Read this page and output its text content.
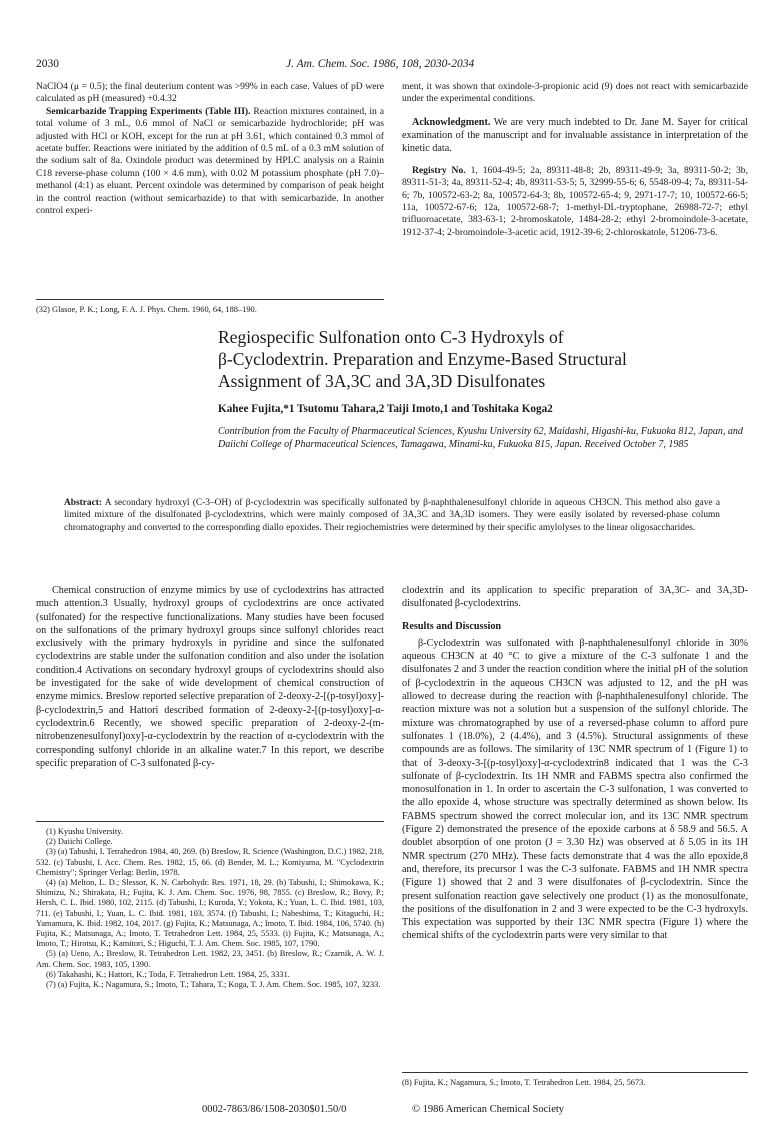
2030	J. Am. Chem. Soc. 1986, 108, 2030-2034

NaClO4 (μ = 0.5); the final deuterium content was >99% in each case. Values of pD were calculated as pH (measured) +0.4.32

Semicarbazide Trapping Experiments (Table III). Reaction mixtures contained, in a total volume of 3 mL, 0.6 mmol of NaCl or semicarbazide hydrochloride; pH was adjusted with HCl or KOH, except for the run at pH 3.61, which contained 0.3 mmol of acetate buffer. Reactions were initiated by the addition of 0.5 mL of a 0.3 mM solution of the sodium salt of 8a. Oxindole product was determined by HPLC analysis on a Rainin C18 reverse-phase column (100 × 4.6 mm), with 0.02 M potassium phosphate (pH 7.0)–methanol (4:1) as eluant. Percent oxindole was determined by comparison of peak height in the control reaction (without semicarbazide) to that with semicarbazide. In another control experi-

(32) Glasoe, P. K.; Long, F. A. J. Phys. Chem. 1960, 64, 188–190.

ment, it was shown that oxindole-3-propionic acid (9) does not react with semicarbazide under the experimental conditions.

Acknowledgment. We are very much indebted to Dr. Jane M. Sayer for critical examination of the manuscript and for invaluable assistance in interpretation of the kinetic data.

Registry No. 1, 1604-49-5; 2a, 89311-48-8; 2b, 89311-49-9; 3a, 89311-50-2; 3b, 89311-51-3; 4a, 89311-52-4; 4b, 89311-53-5; 5, 32999-55-6; 6, 5548-09-4; 7a, 89311-54-6; 7b, 100572-63-2; 8a, 100572-64-3; 8b, 100572-65-4; 9, 2971-17-7; 10, 100572-66-5; 11a, 100572-67-6; 12a, 100572-68-7; 1-methyl-DL-tryptophane, 26988-72-7; ethyl trifluoroacetate, 383-63-1; 2-bromoskatole, 1484-28-2; ethyl 2-bromoindole-3-acetate, 1912-37-4; 2-bromoindole-3-acetic acid, 1912-39-6; 2-chloroskatole, 51206-73-6.

Regiospecific Sulfonation onto C-3 Hydroxyls of
β-Cyclodextrin. Preparation and Enzyme-Based Structural
Assignment of 3A,3C and 3A,3D Disulfonates
Kahee Fujita,*1 Tsutomu Tahara,2 Taiji Imoto,1 and Toshitaka Koga2
Contribution from the Faculty of Pharmaceutical Sciences, Kyushu University 62, Maidashi, Higashi-ku, Fukuoka 812, Japan, and Daiichi College of Pharmaceutical Sciences, Tamagawa, Minami-ku, Fukuoka 815, Japan. Received October 7, 1985
Abstract: A secondary hydroxyl (C-3–OH) of β-cyclodextrin was specifically sulfonated by β-naphthalenesulfonyl chloride in aqueous CH3CN. This method also gave a limited mixture of the disulfonated β-cyclodextrins, which were mainly composed of 3A,3C and 3A,3D isomers. They were easily isolated by reversed-phase column chromatography and converted to the corresponding diallo epoxides. Their regiochemistries were determined by their specific amylolyses to the linear oligosaccharides.

Chemical construction of enzyme mimics by use of cyclodextrins has attracted much attention.3 Usually, hydroxyl groups of cyclodextrins are once activated (sulfonated) for the respective functionalizations. Many studies have been focused on the sulfonations of the primary hydroxyl groups since sulfonyl chlorides react exclusively with the primary hydroxyls in pyridine and since the sulfonated cyclodextrins are stable under the sulfonation condition and also under the isolation condition.4 Activations on secondary hydroxyl groups of cyclodextrins should also be investigated for the sake of wide development of chemical construction of enzyme mimics. Breslow reported selective preparation of 2-deoxy-2-[(p-tosyl)oxy]-β-cyclodextrin,5 and Hattori described formation of 2-deoxy-2-[(p-tosyl)oxy]-α-cyclodextrin.6 Recently, we showed specific preparation of 2-deoxy-2-(m-nitrobenzenesulfonyl)oxy]-α-cyclodextrin by the reaction of α-cyclodextrin with the corresponding sulfonyl chloride in an alkaline water.7 In this report, we describe specific preparation of C-3 sulfonated β-cy-

(1) Kyushu University.

(2) Daiichi College.

(3) (a) Tabushi, I. Tetrahedron 1984, 40, 269. (b) Breslow, R. Science (Washington, D.C.) 1982, 218, 532. (c) Tabushi, I. Acc. Chem. Res. 1982, 15, 66. (d) Bender, M. L.; Komiyama, M. "Cyclodextrin Chemistry"; Springer Verlag: Berlin, 1978.

(4) (a) Melton, L. D.; Slessor, K. N. Carbohydr. Res. 1971, 18, 29. (b) Tabushi, I.; Shimokawa, K.; Shimizu, N.; Shirakata, H.; Fujita, K. J. Am. Chem. Soc. 1976, 98, 7855. (c) Breslow, R.; Bovy, P.; Hersh, C. L. Ibid. 1980, 102, 2115. (d) Tabushi, I.; Kuroda, Y.; Yokota, K.; Yuan, L. C. Ibid. 1981, 103, 711. (e) Tabushi, I.; Yuan, L. C. Ibid. 1981, 103, 3574. (f) Tabushi, I.; Nabeshima, T.; Kitaguchi, H.; Yamamura, K. Ibid. 1982, 104, 2017. (g) Fujita, K.; Matsunaga, A.; Imoto, T. Ibid. 1984, 106, 5740. (h) Fujita, K.; Matsunaga, A.; Imoto, T. Tetrahedron Lett. 1984, 25, 5533. (i) Fujita, K.; Matsunaga, A.; Imoto, T.; Hirotsu, K.; Kamitori, S.; Higuchi, T. J. Am. Chem. Soc. 1985, 107, 1790.

(5) (a) Ueno, A.; Breslow, R. Tetrahedron Lett. 1982, 23, 3451. (b) Breslow, R.; Czarnik, A. W. J. Am. Chem. Soc. 1983, 105, 1390.

(6) Takahashi, K.; Hattori, K.; Toda, F. Tetrahedron Lett. 1984, 25, 3331.

(7) (a) Fujita, K.; Nagamura, S.; Imoto, T.; Tahara, T.; Koga, T. J. Am. Chem. Soc. 1985, 107, 3233.

clodextrin and its application to specific preparation of 3A,3C- and 3A,3D-disulfonated β-cyclodextrins.

Results and Discussion

β-Cyclodextrin was sulfonated with β-naphthalenesulfonyl chloride in 30% aqueous CH3CN at 40 °C to give a mixture of the C-3 sulfonate 1 and the disulfonates 2 and 3 under the reaction condition where the initial pH of the solution of β-cyclodextrin in the aqueous CH3CN was adjusted to 12, and the pH was allowed to decrease during the reaction with β-naphthalenesulfonyl chloride. The reaction mixture was not a solution but a suspension of the sulfonyl chloride. The mixture was chromatographed by use of a reversed-phase column to afford pure sulfonates 1 (18.0%), 2 (4.4%), and 3 (4.5%). Structural assignments of these compounds are as follows. The similarity of 13C NMR spectrum of 1 (Figure 1) to that of 3-deoxy-3-[(p-tosyl)oxy]-α-cyclodextrin8 indicated that 1 was the C-3 sulfonate of β-cyclodextrin. Its 1H NMR and FABMS spectra also confirmed the monosulfonation in 1. In order to ascertain the C-3 sulfonation, 1 was converted to the allo epoxide 4, whose structure was spectrally determined as shown below. Its FABMS spectrum showed the correct molecular ion, and its 13C NMR spectrum (Figure 2) demonstrated the presence of the epoxide carbons at δ 58.9 and 56.5. A doublet absorption of one proton (J = 3.30 Hz) was observed at δ 5.05 in its 1H NMR spectrum (270 MHz). These facts demonstrate that 4 was the allo epoxide,8 and, therefore, its precursor 1 was the C-3 sulfonate. FABMS and 1H NMR spectra (Figure 1) showed that 2 and 3 were disulfonates of β-cyclodextrin. Since the present sulfonation reaction gave selectively one product (1) as the monosulfonate, the positions of the disulfonation in 2 and 3 were expected to be the C-3 hydroxyls. This expectation was supported by their 13C NMR spectra (Figure 1) where the chemical shifts of the cyclodextrin parts were very similar to that

(8) Fujita, K.; Nagamura, S.; Imoto, T. Tetrahedron Lett. 1984, 25, 5673.
0002-7863/86/1508-2030$01.50/0	© 1986 American Chemical Society
